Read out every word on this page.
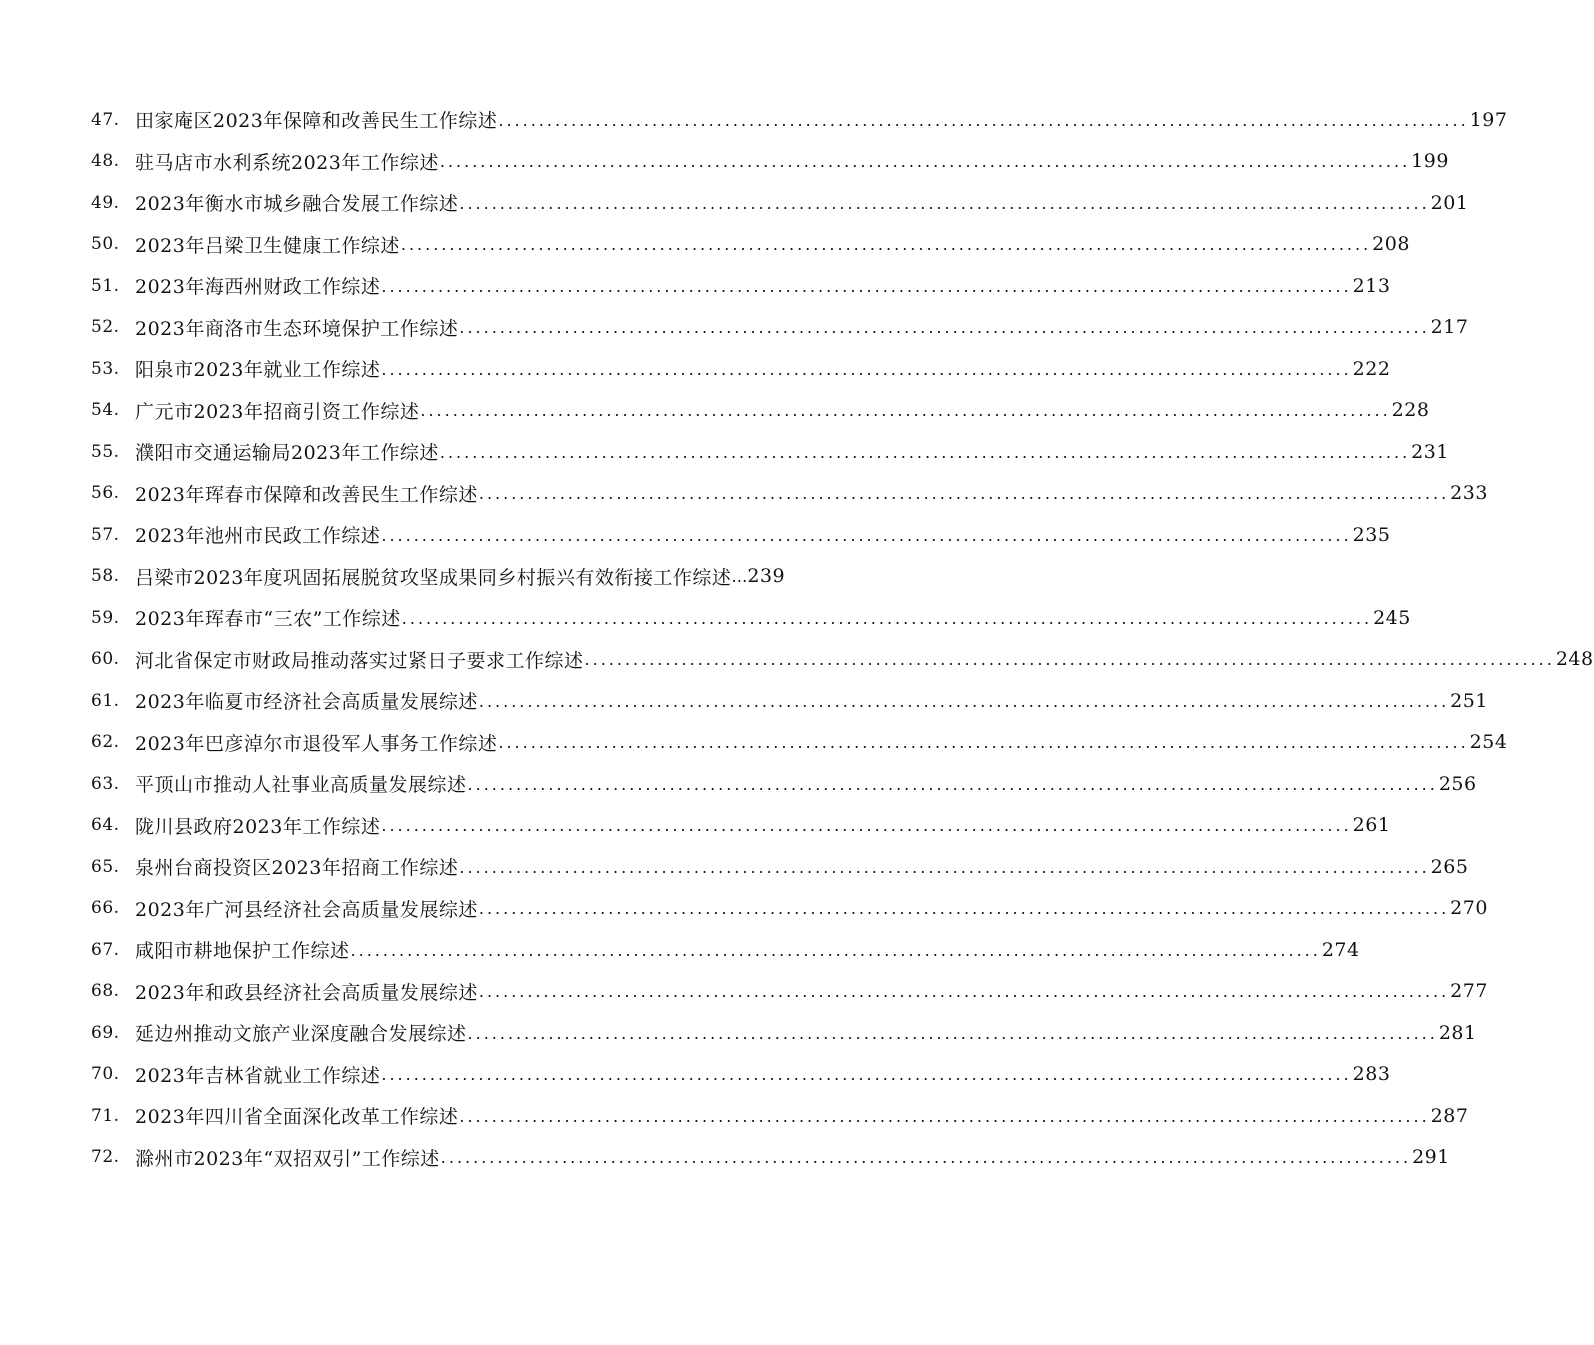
47. 田家庵区2023年保障和改善民生工作综述 ........................................................................................................................ 197
48. 驻马店市水利系统2023年工作综述 ........................................................................................................................ 199
49. 2023年衡水市城乡融合发展工作综述 ........................................................................................................................ 201
50. 2023年吕梁卫生健康工作综述 ........................................................................................................................ 208
51. 2023年海西州财政工作综述 ........................................................................................................................ 213
52. 2023年商洛市生态环境保护工作综述 ........................................................................................................................ 217
53. 阳泉市2023年就业工作综述 ........................................................................................................................ 222
54. 广元市2023年招商引资工作综述 ........................................................................................................................ 228
55. 濮阳市交通运输局2023年工作综述 ........................................................................................................................ 231
56. 2023年珲春市保障和改善民生工作综述 ........................................................................................................................ 233
57. 2023年池州市民政工作综述 ........................................................................................................................ 235
58. 吕梁市2023年度巩固拓展脱贫攻坚成果同乡村振兴有效衔接工作综述 … 239
59. 2023年珲春市“三农”工作综述 ........................................................................................................................ 245
60. 河北省保定市财政局推动落实过紧日子要求工作综述 ........................................................................................................................ 248
61. 2023年临夏市经济社会高质量发展综述 ........................................................................................................................ 251
62. 2023年巴彦淖尔市退役军人事务工作综述 ........................................................................................................................ 254
63. 平顶山市推动人社事业高质量发展综述 ........................................................................................................................ 256
64. 陇川县政府2023年工作综述 ........................................................................................................................ 261
65. 泉州台商投资区2023年招商工作综述 ........................................................................................................................ 265
66. 2023年广河县经济社会高质量发展综述 ........................................................................................................................ 270
67. 咸阳市耕地保护工作综述 ........................................................................................................................ 274
68. 2023年和政县经济社会高质量发展综述 ........................................................................................................................ 277
69. 延边州推动文旅产业深度融合发展综述 ........................................................................................................................ 281
70. 2023年吉林省就业工作综述 ........................................................................................................................ 283
71. 2023年四川省全面深化改革工作综述 ........................................................................................................................ 287
72. 滁州市2023年“双招双引”工作综述 ........................................................................................................................ 291
